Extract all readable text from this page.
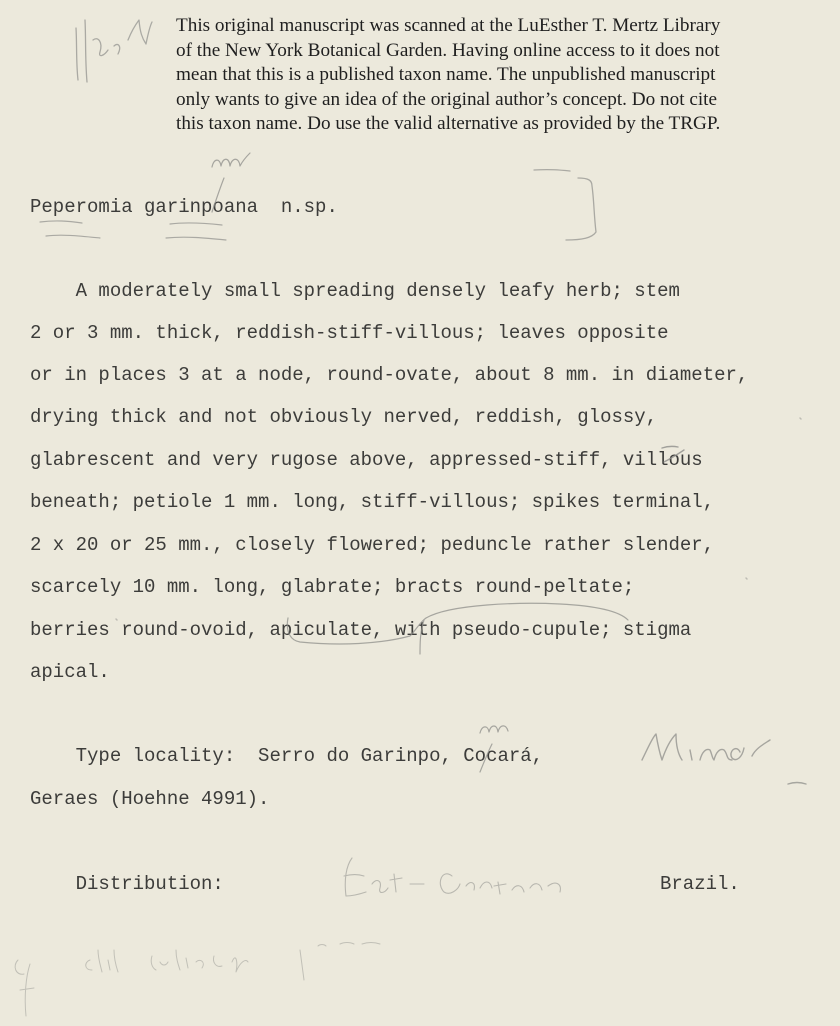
This original manuscript was scanned at the LuEsther T. Mertz Library
of the New York Botanical Garden. Having online access to it does not
mean that this is a published taxon name. The unpublished manuscript
only wants to give an idea of the original author’s concept. Do not cite
this taxon name. Do use the valid alternative as provided by the TRGP.
Peperomia garinpoana  n.sp.
A moderately small spreading densely leafy herb; stem
2 or 3 mm. thick, reddish-stiff-villous; leaves opposite
or in places 3 at a node, round-ovate, about 8 mm. in diameter,
drying thick and not obviously nerved, reddish, glossy,
glabrescent and very rugose above, appressed-stiff, villous
beneath; petiole 1 mm. long, stiff-villous; spikes terminal,
2 x 20 or 25 mm., closely flowered; peduncle rather slender,
scarcely 10 mm. long, glabrate; bracts round-peltate;
berries round-ovoid, apiculate, with pseudo-cupule; stigma
apical.
Type locality:  Serro do Garinpo, Cocará,
Geraes (Hoehne 4991).
Distribution:	Brazil.
